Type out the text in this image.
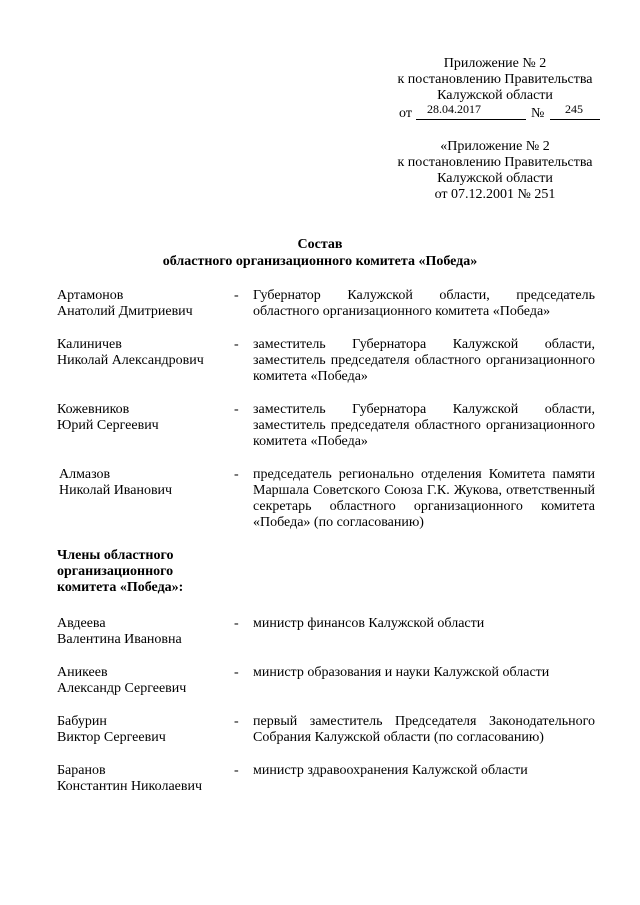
Приложение № 2
к постановлению Правительства
Калужской области
от 28.04.2017	№ 245
«Приложение № 2
к постановлению Правительства
Калужской области
от 07.12.2001 № 251
Состав
областного организационного комитета «Победа»
Артамонов
Анатолий Дмитриевич
- Губернатор Калужской области, председатель
областного организационного комитета «Победа»
Калиничев
Николай Александрович
- заместитель Губернатора Калужской области,
заместитель председателя областного организационного
комитета «Победа»
Кожевников
Юрий Сергеевич
- заместитель Губернатора Калужской области,
заместитель председателя областного организационного
комитета «Победа»
Алмазов
Николай Иванович
- председатель регионально отделения Комитета памяти
Маршала Советского Союза Г.К. Жукова, ответственный
секретарь областного организационного комитета
«Победа» (по согласованию)
Члены областного
организационного
комитета «Победа»:
Авдеева
Валентина Ивановна
- министр финансов Калужской области
Аникеев
Александр Сергеевич
- министр образования и науки Калужской области
Бабурин
Виктор Сергеевич
- первый заместитель Председателя Законодательного
Собрания Калужской области (по согласованию)
Баранов
Константин Николаевич
- министр здравоохранения Калужской области
